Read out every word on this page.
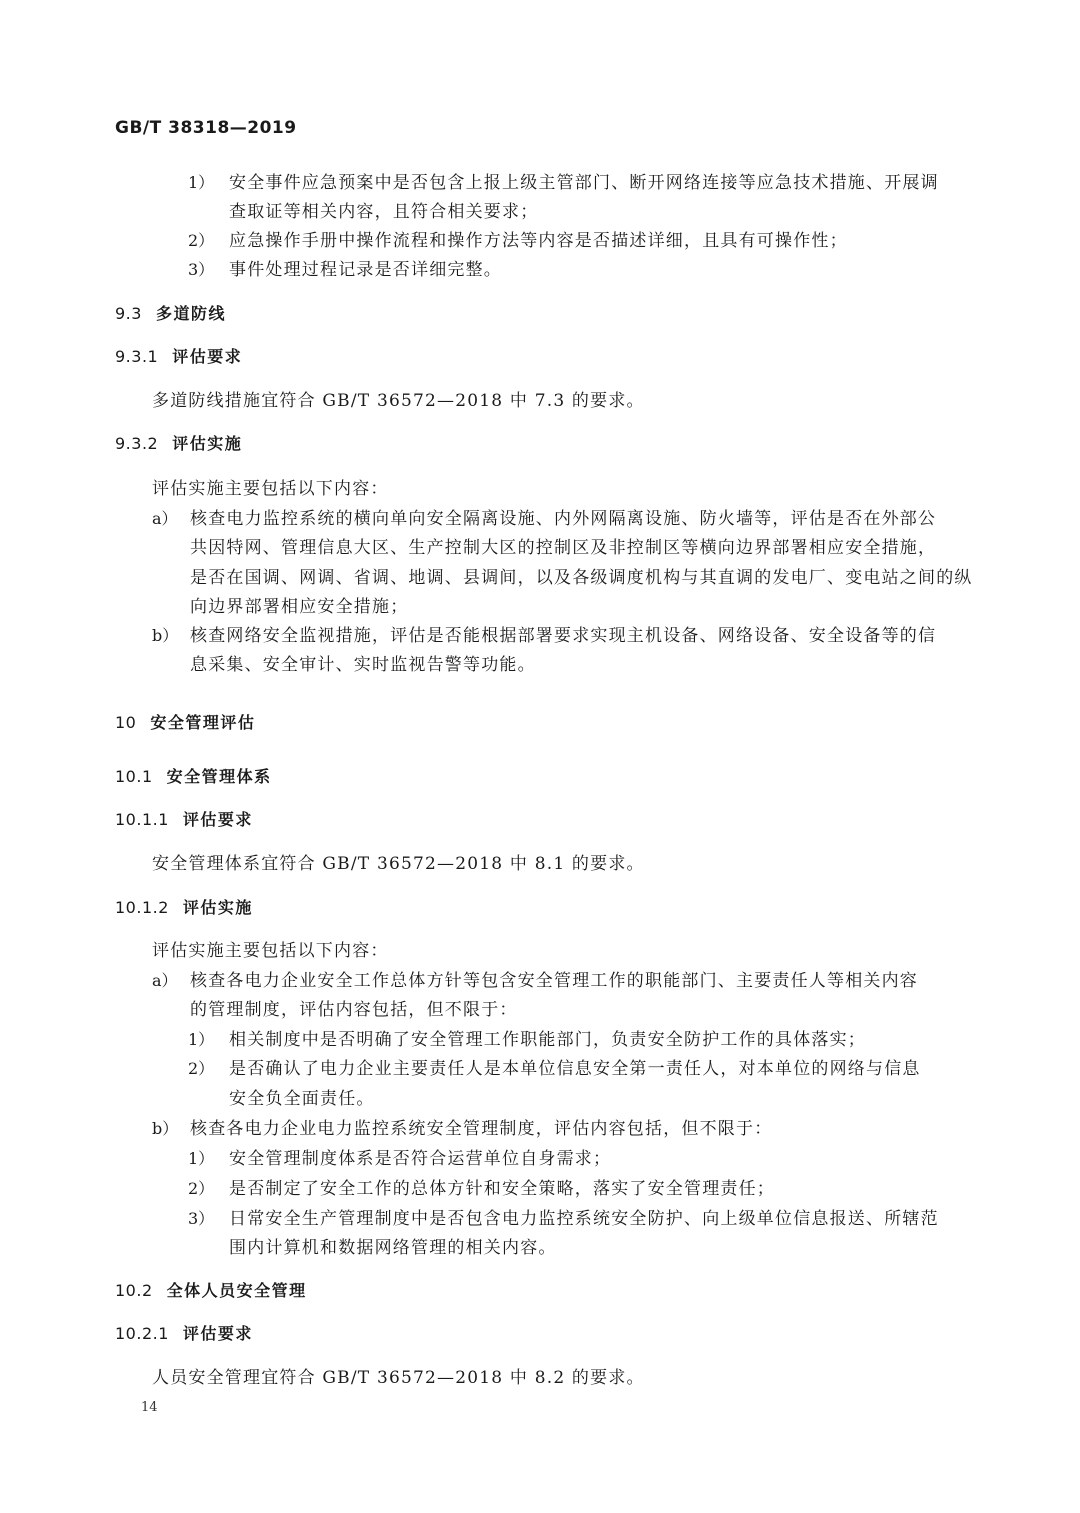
GB/T 38318—2019
1） 安全事件应急预案中是否包含上报上级主管部门、断开网络连接等应急技术措施、开展调
查取证等相关内容，且符合相关要求；
2） 应急操作手册中操作流程和操作方法等内容是否描述详细，且具有可操作性；
3） 事件处理过程记录是否详细完整。
9.3 多道防线
9.3.1 评估要求
多道防线措施宜符合 GB/T 36572—2018 中 7.3 的要求。
9.3.2 评估实施
评估实施主要包括以下内容：
a） 核查电力监控系统的横向单向安全隔离设施、内外网隔离设施、防火墙等，评估是否在外部公
共因特网、管理信息大区、生产控制大区的控制区及非控制区等横向边界部署相应安全措施，
是否在国调、网调、省调、地调、县调间，以及各级调度机构与其直调的发电厂、变电站之间的纵
向边界部署相应安全措施；
b） 核查网络安全监视措施，评估是否能根据部署要求实现主机设备、网络设备、安全设备等的信
息采集、安全审计、实时监视告警等功能。
10 安全管理评估
10.1 安全管理体系
10.1.1 评估要求
安全管理体系宜符合 GB/T 36572—2018 中 8.1 的要求。
10.1.2 评估实施
评估实施主要包括以下内容：
a） 核查各电力企业安全工作总体方针等包含安全管理工作的职能部门、主要责任人等相关内容
的管理制度，评估内容包括，但不限于：
1） 相关制度中是否明确了安全管理工作职能部门，负责安全防护工作的具体落实；
2） 是否确认了电力企业主要责任人是本单位信息安全第一责任人，对本单位的网络与信息
安全负全面责任。
b） 核查各电力企业电力监控系统安全管理制度，评估内容包括，但不限于：
1） 安全管理制度体系是否符合运营单位自身需求；
2） 是否制定了安全工作的总体方针和安全策略，落实了安全管理责任；
3） 日常安全生产管理制度中是否包含电力监控系统安全防护、向上级单位信息报送、所辖范
围内计算机和数据网络管理的相关内容。
10.2 全体人员安全管理
10.2.1 评估要求
人员安全管理宜符合 GB/T 36572—2018 中 8.2 的要求。
14
